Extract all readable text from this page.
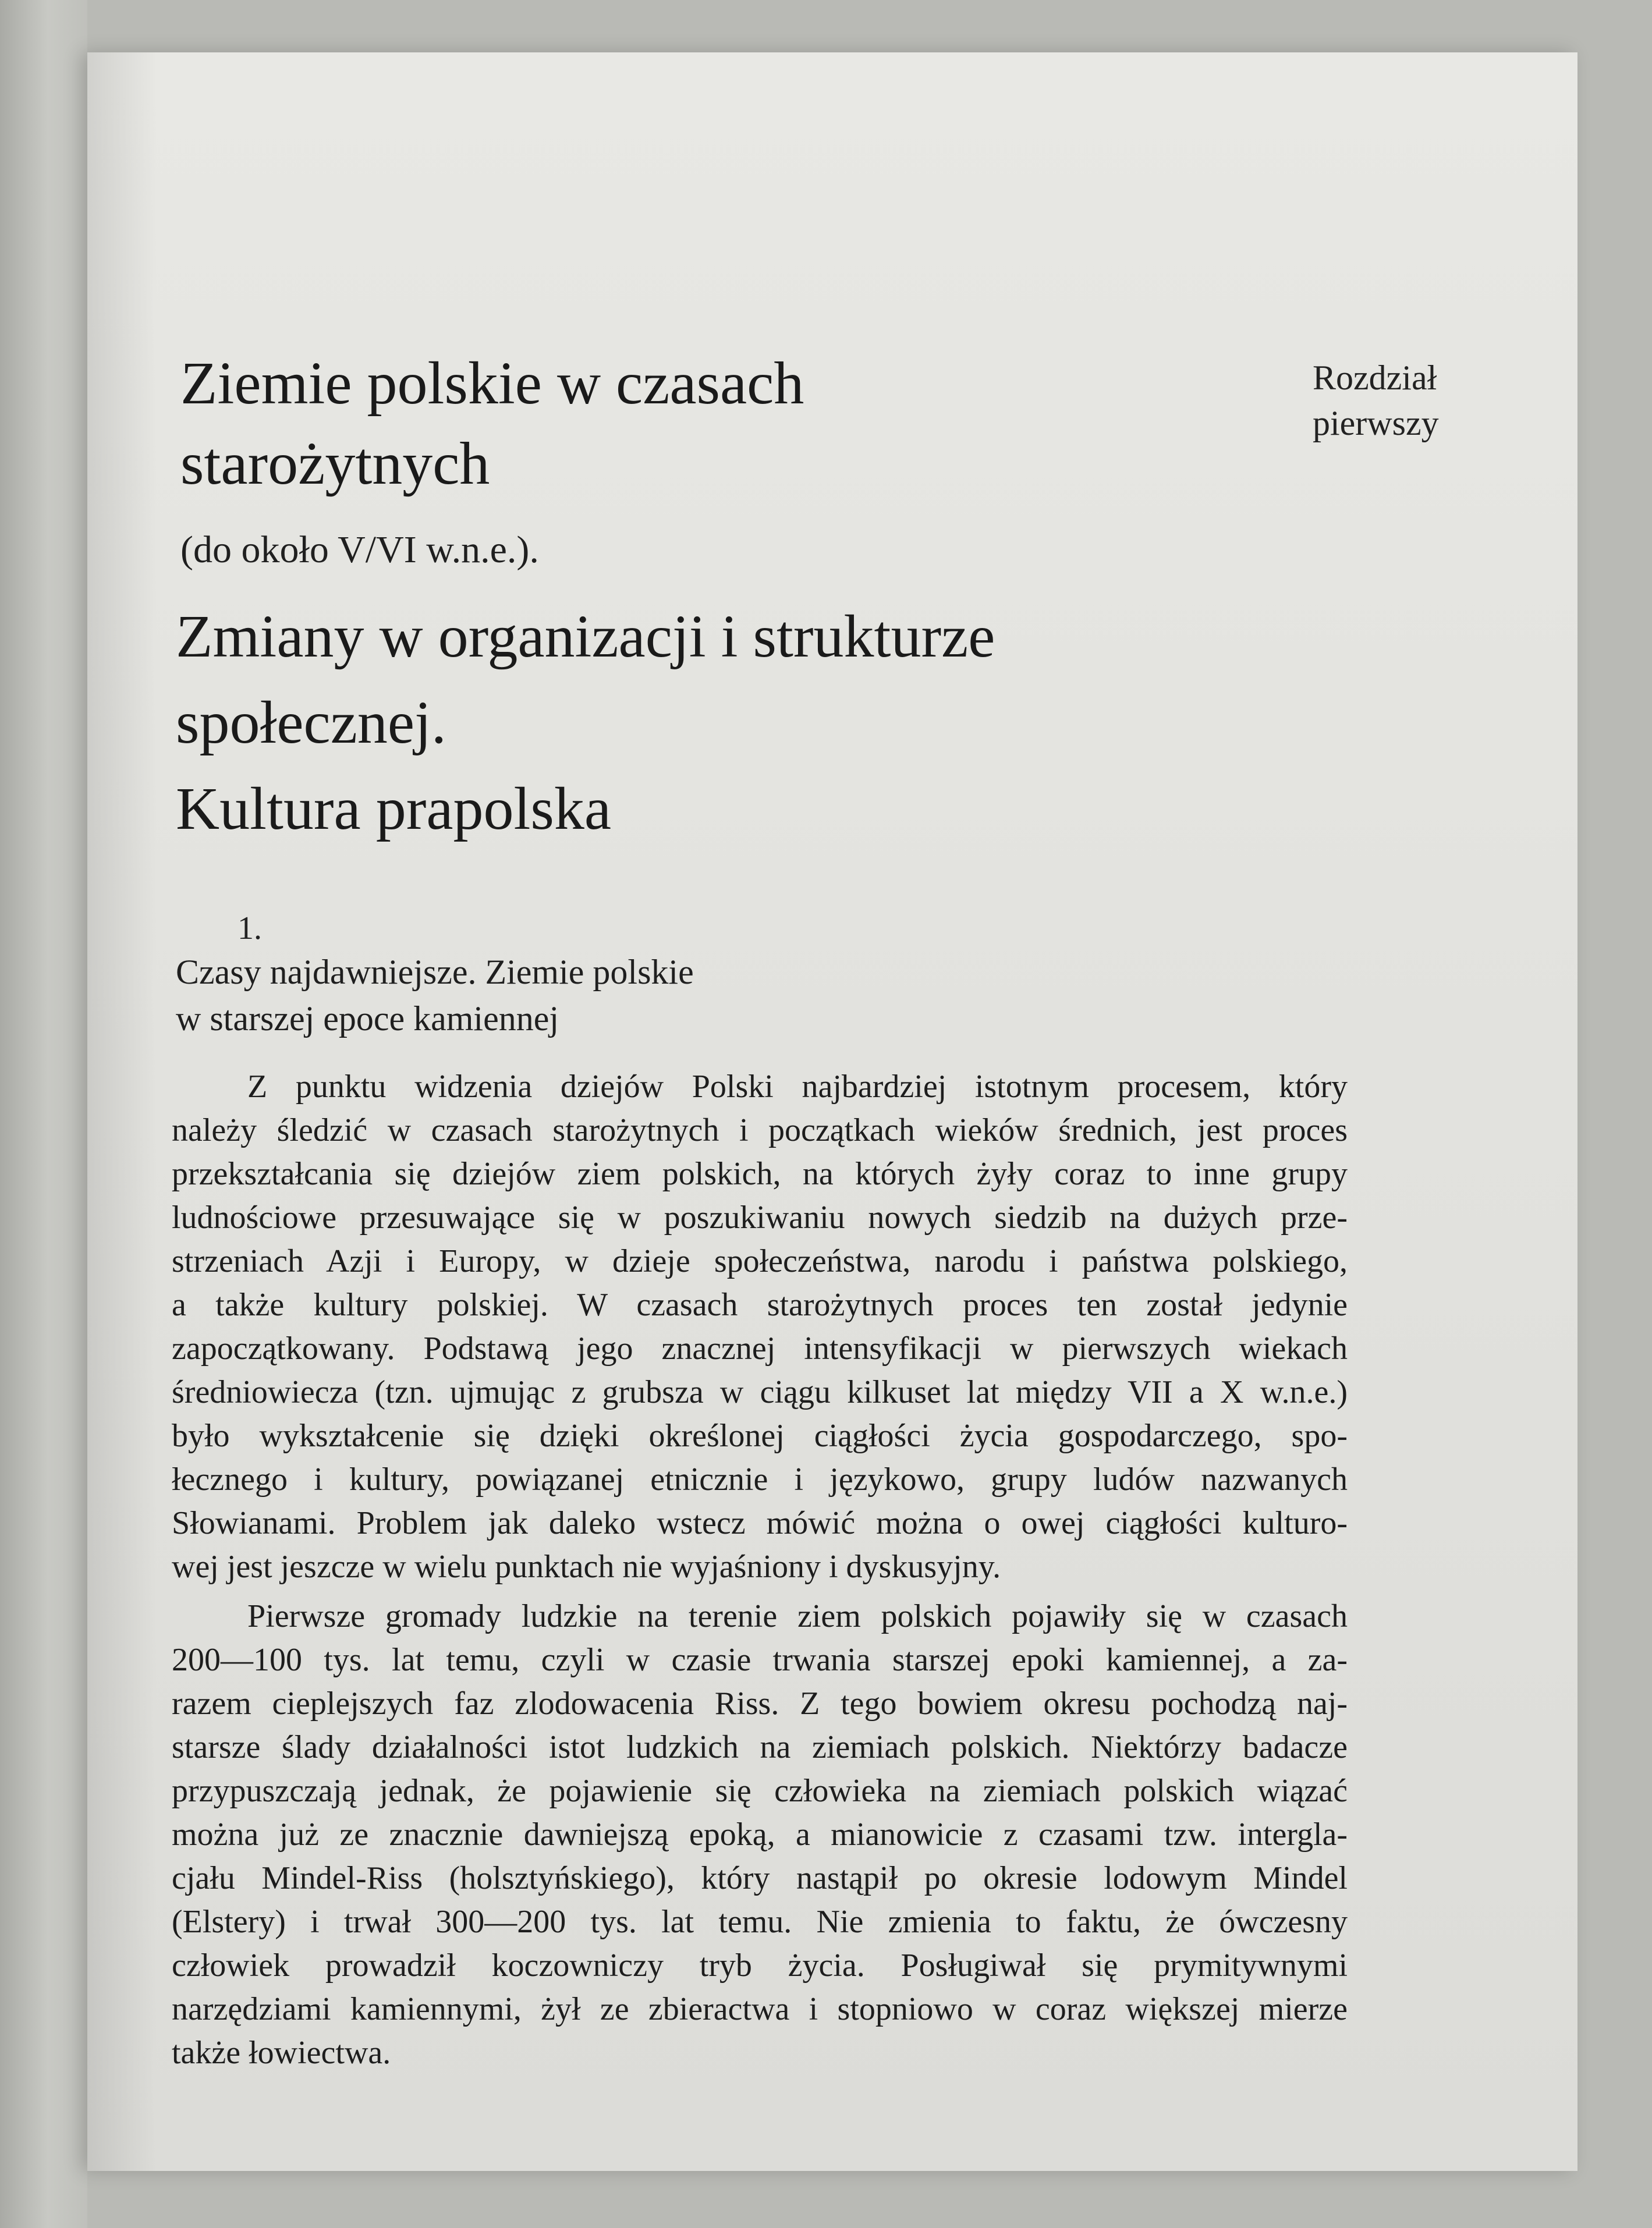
Rozdział
pierwszy
Ziemie polskie w czasach
starożytnych
(do około V/VI w.n.e.).
Zmiany w organizacji i strukturze
społecznej.
Kultura prapolska
1.
Czasy najdawniejsze. Ziemie polskie
w starszej epoce kamiennej
Z punktu widzenia dziejów Polski najbardziej istotnym procesem, który
należy śledzić w czasach starożytnych i początkach wieków średnich, jest proces
przekształcania się dziejów ziem polskich, na których żyły coraz to inne grupy
ludnościowe przesuwające się w poszukiwaniu nowych siedzib na dużych prze-
strzeniach Azji i Europy, w dzieje społeczeństwa, narodu i państwa polskiego,
a także kultury polskiej. W czasach starożytnych proces ten został jedynie
zapoczątkowany. Podstawą jego znacznej intensyfikacji w pierwszych wiekach
średniowiecza (tzn. ujmując z grubsza w ciągu kilkuset lat między VII a X w.n.e.)
było wykształcenie się dzięki określonej ciągłości życia gospodarczego, spo-
łecznego i kultury, powiązanej etnicznie i językowo, grupy ludów nazwanych
Słowianami. Problem jak daleko wstecz mówić można o owej ciągłości kulturo-
wej jest jeszcze w wielu punktach nie wyjaśniony i dyskusyjny.
Pierwsze gromady ludzkie na terenie ziem polskich pojawiły się w czasach
200—100 tys. lat temu, czyli w czasie trwania starszej epoki kamiennej, a za-
razem cieplejszych faz zlodowacenia Riss. Z tego bowiem okresu pochodzą naj-
starsze ślady działalności istot ludzkich na ziemiach polskich. Niektórzy badacze
przypuszczają jednak, że pojawienie się człowieka na ziemiach polskich wiązać
można już ze znacznie dawniejszą epoką, a mianowicie z czasami tzw. intergla-
cjału Mindel-Riss (holsztyńskiego), który nastąpił po okresie lodowym Mindel
(Elstery) i trwał 300—200 tys. lat temu. Nie zmienia to faktu, że ówczesny
człowiek prowadził koczowniczy tryb życia. Posługiwał się prymitywnymi
narzędziami kamiennymi, żył ze zbieractwa i stopniowo w coraz większej mierze
także łowiectwa.
